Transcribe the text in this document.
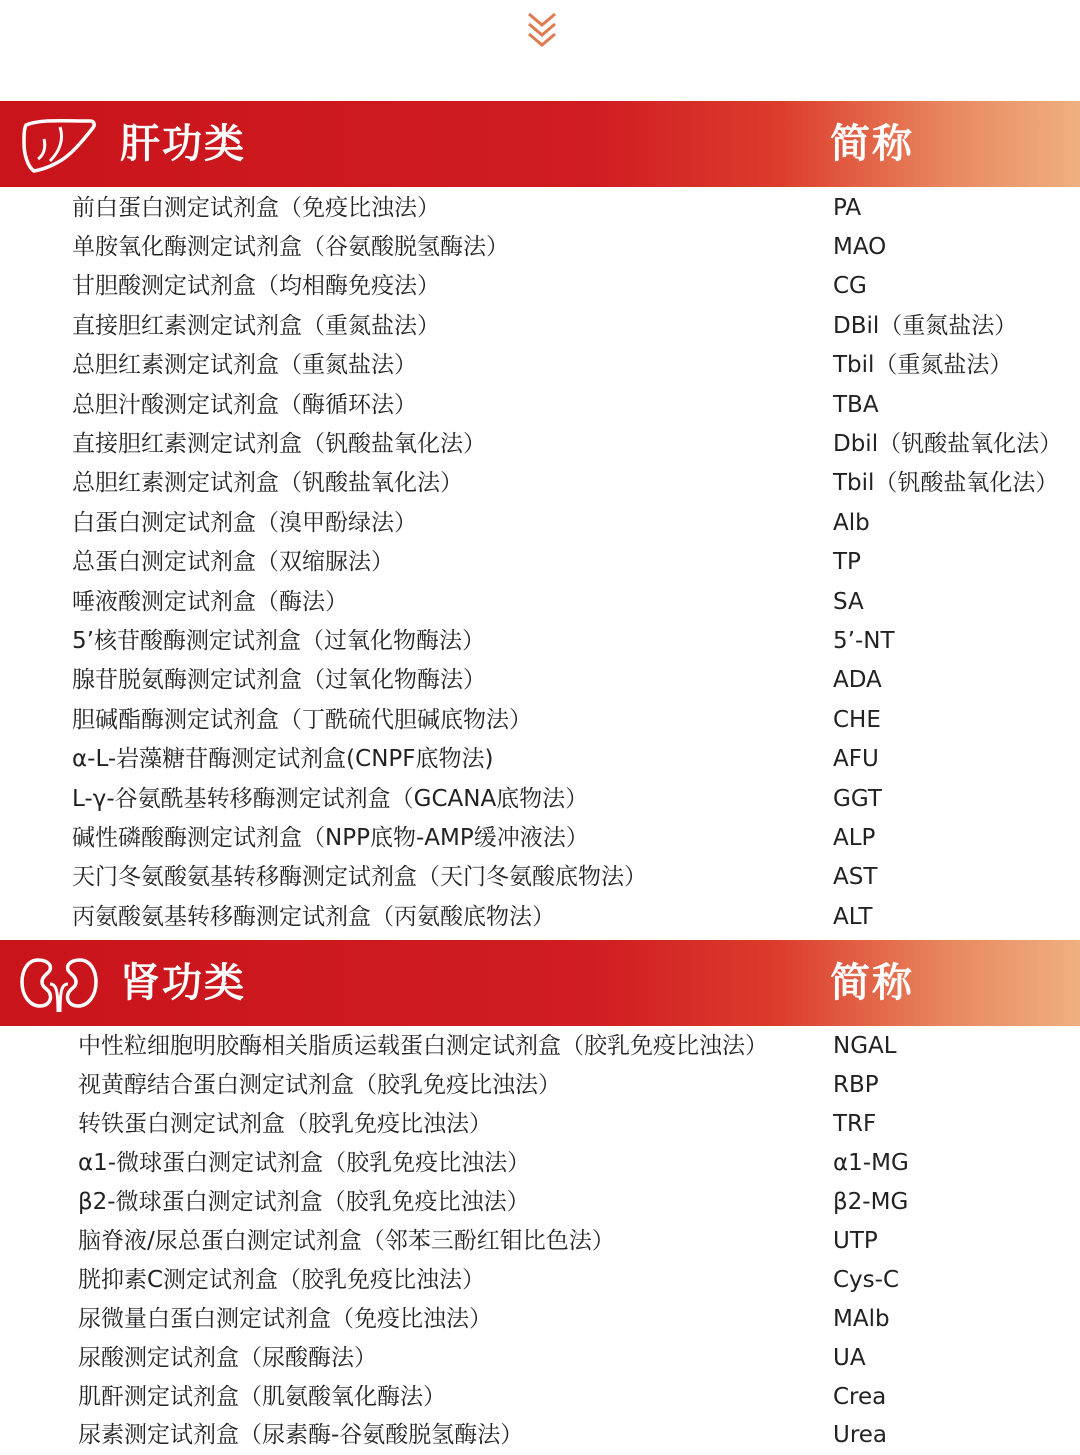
肝功类	简称
前白蛋白测定试剂盒（免疫比浊法）	PA
单胺氧化酶测定试剂盒（谷氨酸脱氢酶法）	MAO
甘胆酸测定试剂盒（均相酶免疫法）	CG
直接胆红素测定试剂盒（重氮盐法）	DBil（重氮盐法）
总胆红素测定试剂盒（重氮盐法）	Tbil（重氮盐法）
总胆汁酸测定试剂盒（酶循环法）	TBA
直接胆红素测定试剂盒（钒酸盐氧化法）	Dbil（钒酸盐氧化法）
总胆红素测定试剂盒（钒酸盐氧化法）	Tbil（钒酸盐氧化法）
白蛋白测定试剂盒（溴甲酚绿法）	Alb
总蛋白测定试剂盒（双缩脲法）	TP
唾液酸测定试剂盒（酶法）	SA
5’核苷酸酶测定试剂盒（过氧化物酶法）	5’-NT
腺苷脱氨酶测定试剂盒（过氧化物酶法）	ADA
胆碱酯酶测定试剂盒（丁酰硫代胆碱底物法）	CHE
α-L-岩藻糖苷酶测定试剂盒(CNPF底物法)	AFU
L-γ-谷氨酰基转移酶测定试剂盒（GCANA底物法）	GGT
碱性磷酸酶测定试剂盒（NPP底物-AMP缓冲液法）	ALP
天门冬氨酸氨基转移酶测定试剂盒（天门冬氨酸底物法）	AST
丙氨酸氨基转移酶测定试剂盒（丙氨酸底物法）	ALT
肾功类	简称
中性粒细胞明胶酶相关脂质运载蛋白测定试剂盒（胶乳免疫比浊法）	NGAL
视黄醇结合蛋白测定试剂盒（胶乳免疫比浊法）	RBP
转铁蛋白测定试剂盒（胶乳免疫比浊法）	TRF
α1-微球蛋白测定试剂盒（胶乳免疫比浊法）	α1-MG
β2-微球蛋白测定试剂盒（胶乳免疫比浊法）	β2-MG
脑脊液/尿总蛋白测定试剂盒（邻苯三酚红钼比色法）	UTP
胱抑素C测定试剂盒（胶乳免疫比浊法）	Cys-C
尿微量白蛋白测定试剂盒（免疫比浊法）	MAlb
尿酸测定试剂盒（尿酸酶法）	UA
肌酐测定试剂盒（肌氨酸氧化酶法）	Crea
尿素测定试剂盒（尿素酶-谷氨酸脱氢酶法）	Urea
